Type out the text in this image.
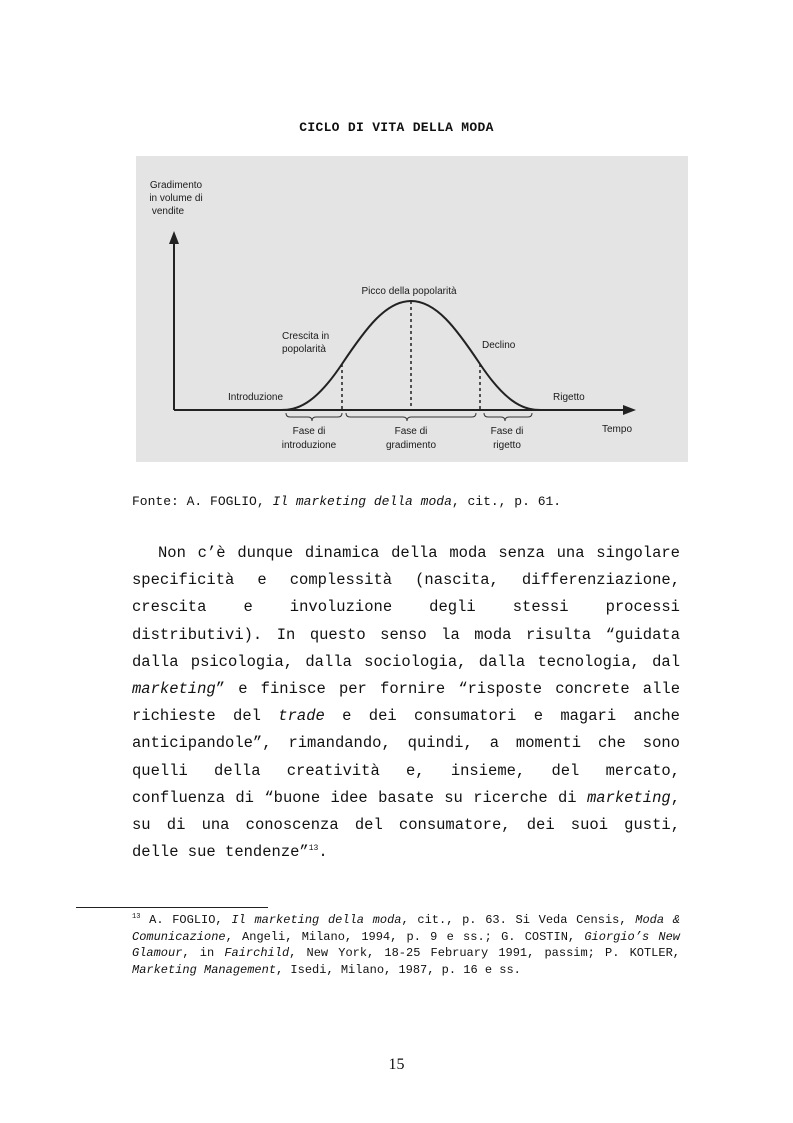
CICLO DI VITA DELLA MODA
Gradimento
in volume di
vendite
Tempo
Introduzione
Crescita in
popolarità
Picco della popolarità
Declino
Rigetto
Fase di
introduzione
Fase di
gradimento
Fase di
rigetto
Fonte: A. FOGLIO, Il marketing della moda, cit., p. 61.

Non c’è dunque dinamica della moda senza una singolare specificità e complessità (nascita, differenziazione, crescita e involuzione degli stessi processi distributivi). In questo senso la moda risulta “guidata dalla psicologia, dalla sociologia, dalla tecnologia, dal marketing” e finisce per fornire “risposte concrete alle richieste del trade e dei consumatori e magari anche anticipandole”, rimandando, quindi, a momenti che sono quelli della creatività e, insieme, del mercato, confluenza di “buone idee basate su ricerche di marketing, su di una conoscenza del consumatore, dei suoi gusti, delle sue tendenze”$^{13}$.

$^{13}$ A. FOGLIO, Il marketing della moda, cit., p. 63. Si Veda Censis, Moda & Comunicazione, Angeli, Milano, 1994, p. 9 e ss.; G. COSTIN, Giorgio’s New Glamour, in Fairchild, New York, 18-25 February 1991, passim; P. KOTLER, Marketing Management, Isedi, Milano, 1987, p. 16 e ss.

15
